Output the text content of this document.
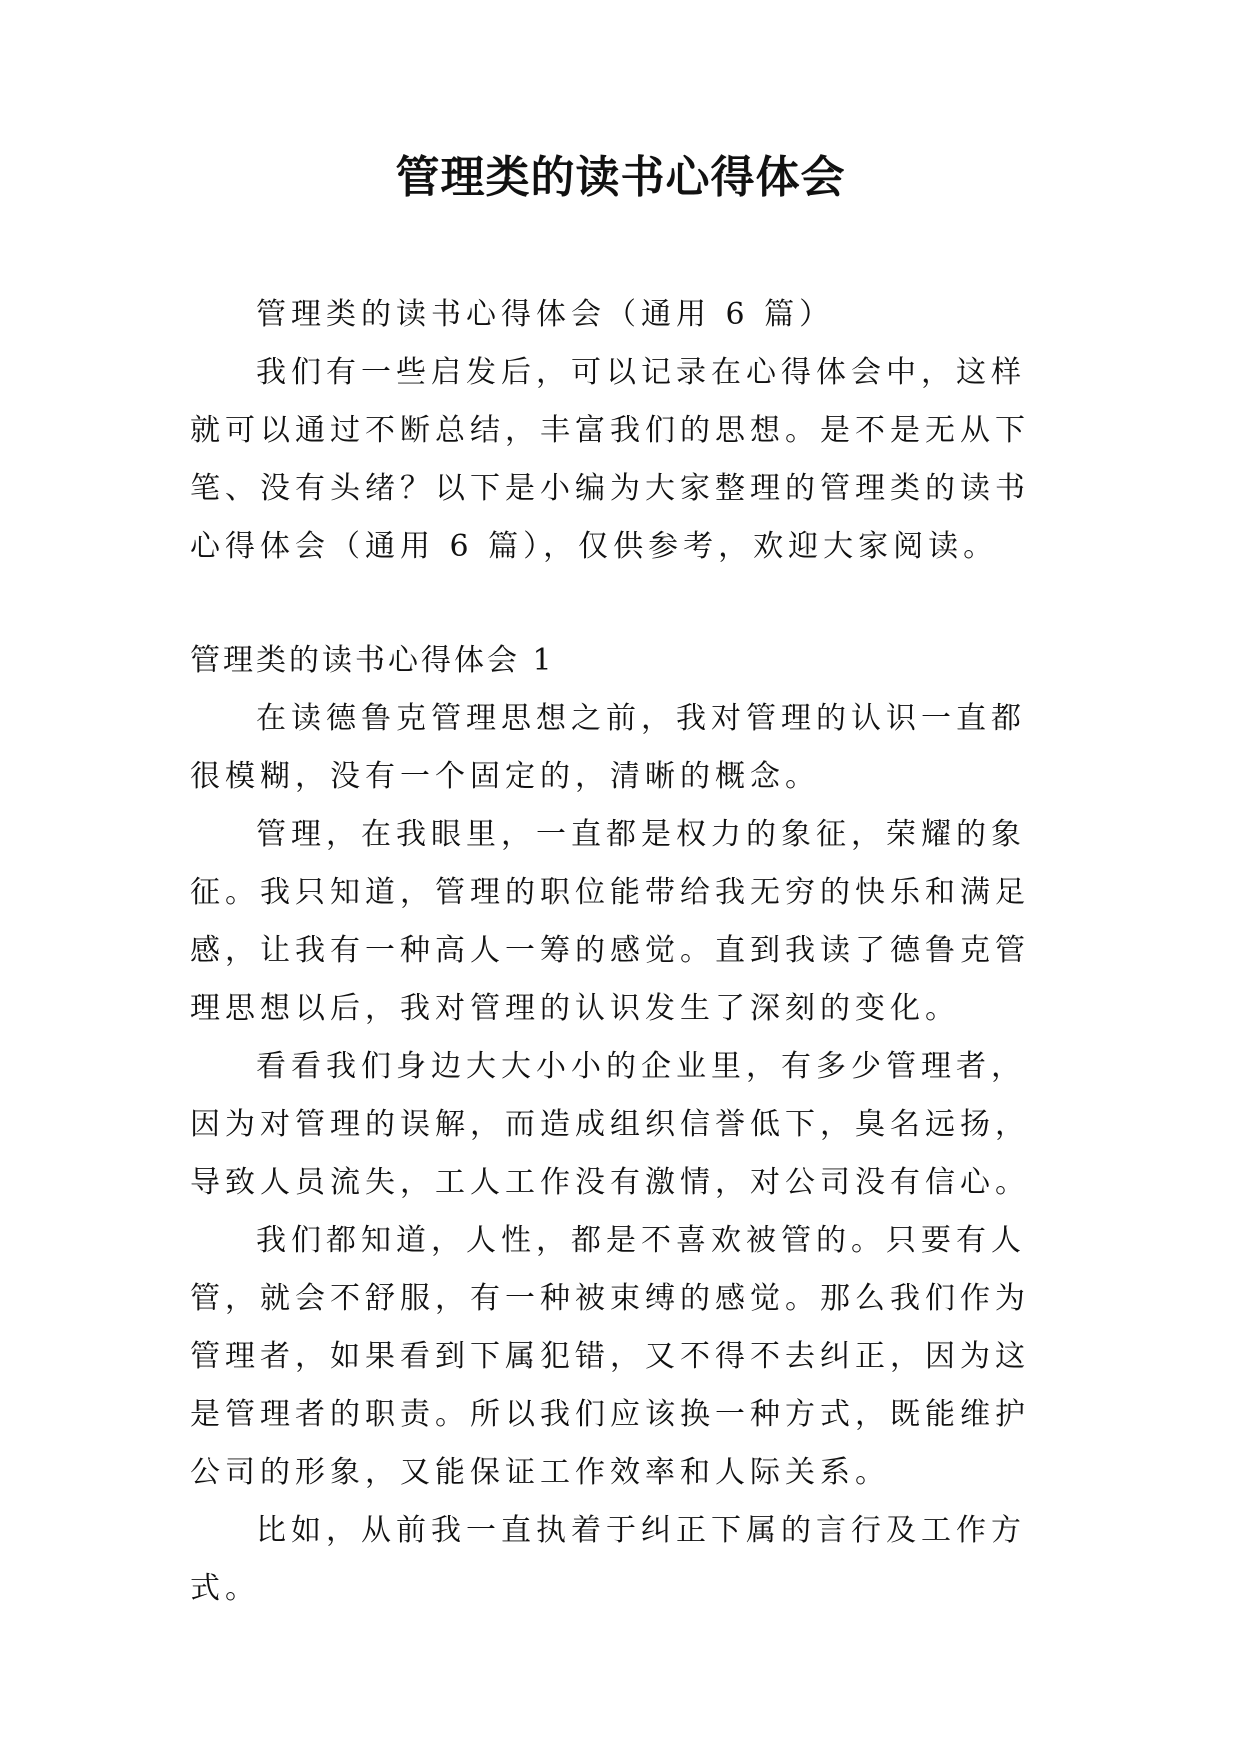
管理类的读书心得体会

管理类的读书心得体会（通用 6 篇）

我们有一些启发后，可以记录在心得体会中，这样就可以通过不断总结，丰富我们的思想。是不是无从下笔、没有头绪？以下是小编为大家整理的管理类的读书心得体会（通用 6 篇），仅供参考，欢迎大家阅读。

管理类的读书心得体会 1

在读德鲁克管理思想之前，我对管理的认识一直都很模糊，没有一个固定的，清晰的概念。

管理，在我眼里，一直都是权力的象征，荣耀的象征。我只知道，管理的职位能带给我无穷的快乐和满足感，让我有一种高人一筹的感觉。直到我读了德鲁克管理思想以后，我对管理的认识发生了深刻的变化。

看看我们身边大大小小的企业里，有多少管理者，因为对管理的误解，而造成组织信誉低下，臭名远扬，导致人员流失，工人工作没有激情，对公司没有信心。

我们都知道，人性，都是不喜欢被管的。只要有人管，就会不舒服，有一种被束缚的感觉。那么我们作为管理者，如果看到下属犯错，又不得不去纠正，因为这是管理者的职责。所以我们应该换一种方式，既能维护公司的形象，又能保证工作效率和人际关系。

比如，从前我一直执着于纠正下属的言行及工作方式。
